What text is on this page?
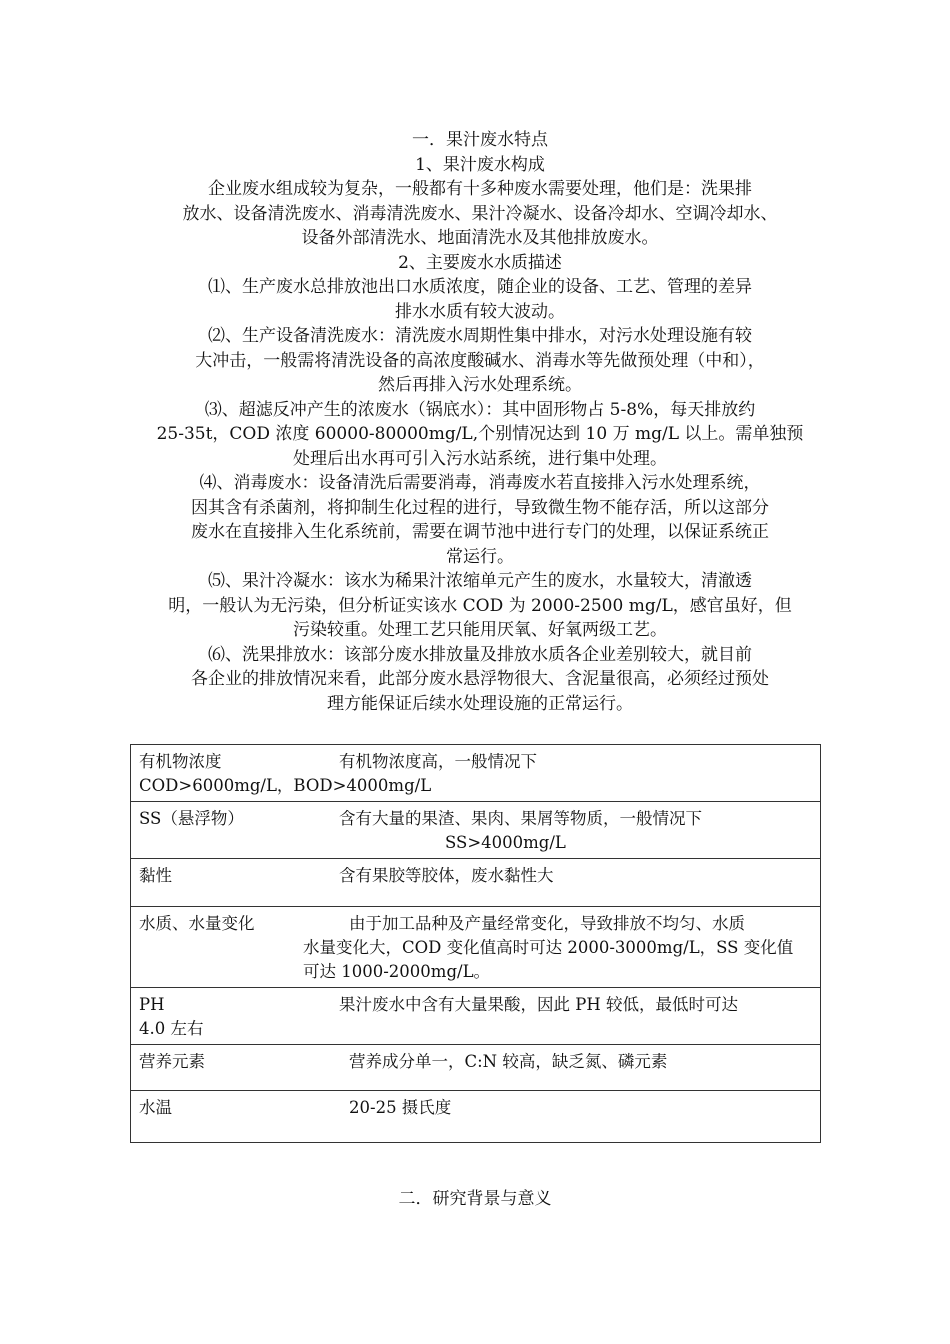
一．果汁废水特点

1、果汁废水构成

企业废水组成较为复杂，一般都有十多种废水需要处理，他们是：洗果排

放水、设备清洗废水、消毒清洗废水、果汁冷凝水、设备冷却水、空调冷却水、

设备外部清洗水、地面清洗水及其他排放废水。

2、主要废水水质描述

⑴、生产废水总排放池出口水质浓度，随企业的设备、工艺、管理的差异

排水水质有较大波动。

⑵、生产设备清洗废水：清洗废水周期性集中排水，对污水处理设施有较

大冲击，一般需将清洗设备的高浓度酸碱水、消毒水等先做预处理（中和），

然后再排入污水处理系统。

⑶、超滤反冲产生的浓废水（锅底水）：其中固形物占 5-8%，每天排放约

25-35t，COD 浓度 60000-80000mg/L,个别情况达到 10 万 mg/L 以上。需单独预

处理后出水再可引入污水站系统，进行集中处理。

⑷、消毒废水：设备清洗后需要消毒，消毒废水若直接排入污水处理系统，

因其含有杀菌剂，将抑制生化过程的进行，导致微生物不能存活，所以这部分

废水在直接排入生化系统前，需要在调节池中进行专门的处理，以保证系统正

常运行。

⑸、果汁冷凝水：该水为稀果汁浓缩单元产生的废水，水量较大，清澈透

明，一般认为无污染，但分析证实该水 COD 为 2000-2500 mg/L，感官虽好，但

污染较重。处理工艺只能用厌氧、好氧两级工艺。

⑹、洗果排放水：该部分废水排放量及排放水质各企业差别较大，就目前

各企业的排放情况来看，此部分废水悬浮物很大、含泥量很高，必须经过预处

理方能保证后续水处理设施的正常运行。

有机物浓度	有机物浓度高，一般情况下
COD>6000mg/L，BOD>4000mg/L

SS（悬浮物）	含有大量的果渣、果肉、果屑等物质，一般情况下
SS>4000mg/L

黏性	含有果胶等胶体，废水黏性大

水质、水量变化	由于加工品种及产量经常变化，导致排放不均匀、水质
水量变化大，COD 变化值高时可达 2000-3000mg/L，SS 变化值
可达 1000-2000mg/L。

PH	果汁废水中含有大量果酸，因此 PH 较低，最低时可达
4.0 左右

营养元素	营养成分单一，C:N 较高，缺乏氮、磷元素

水温	20-25 摄氏度
二．研究背景与意义
